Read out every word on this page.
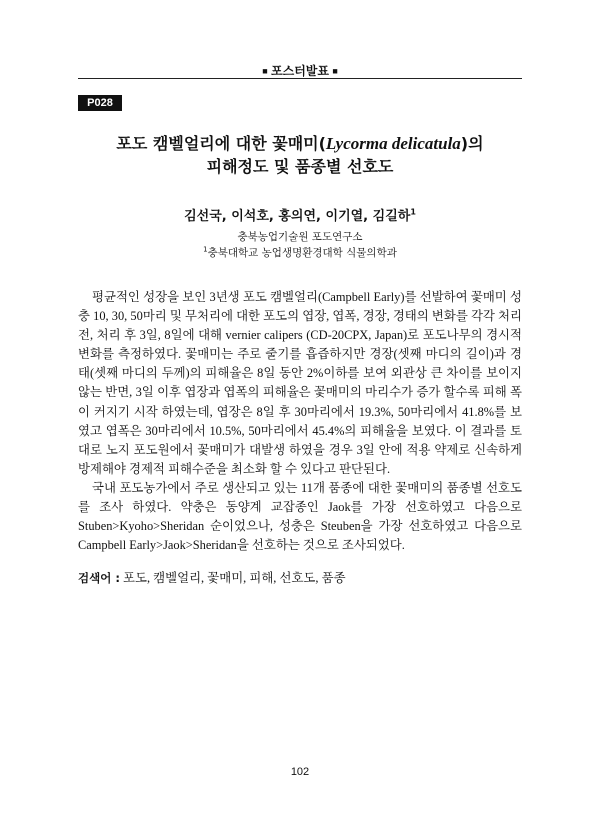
■ 포스터발표 ■
P028
포도 캠벨얼리에 대한 꽃매미(Lycorma delicatula)의
피해정도 및 품종별 선호도
김선국, 이석호, 홍의연, 이기열, 김길하$^1$
충북농업기술원 포도연구소
$^1$충북대학교 농업생명환경대학 식물의학과

평균적인 성장을 보인 3년생 포도 캠벨얼리(Campbell Early)를 선발하여 꽃매미 성충 10, 30, 50마리 및 무처리에 대한 포도의 엽장, 엽폭, 경장, 경태의 변화를 각각 처리 전, 처리 후 3일, 8일에 대해 vernier calipers (CD-20CPX, Japan)로 포도나무의 경시적 변화를 측정하였다. 꽃매미는 주로 줄기를 흡즙하지만 경장(셋째 마디의 길이)과 경태(셋째 마디의 두께)의 피해율은 8일 동안 2%이하를 보여 외관상 큰 차이를 보이지 않는 반면, 3일 이후 엽장과 엽폭의 피해율은 꽃매미의 마리수가 증가 할수록 피해 폭이 커지기 시작 하였는데, 엽장은 8일 후 30마리에서 19.3%, 50마리에서 41.8%를 보였고 엽폭은 30마리에서 10.5%, 50마리에서 45.4%의 피해율을 보였다. 이 결과를 토대로 노지 포도원에서 꽃매미가 대발생 하였을 경우 3일 안에 적용 약제로 신속하게 방제해야 경제적 피해수준을 최소화 할 수 있다고 판단된다.

국내 포도농가에서 주로 생산되고 있는 11개 품종에 대한 꽃매미의 품종별 선호도를 조사 하였다. 약충은 동양계 교잡종인 Jaok를 가장 선호하였고 다음으로 Stuben>Kyoho>Sheridan 순이었으나, 성충은 Steuben을 가장 선호하였고 다음으로 Campbell Early>Jaok>Sheridan을 선호하는 것으로 조사되었다.

검색어 : 포도, 캠벨얼리, 꽃매미, 피해, 선호도, 품종
102
